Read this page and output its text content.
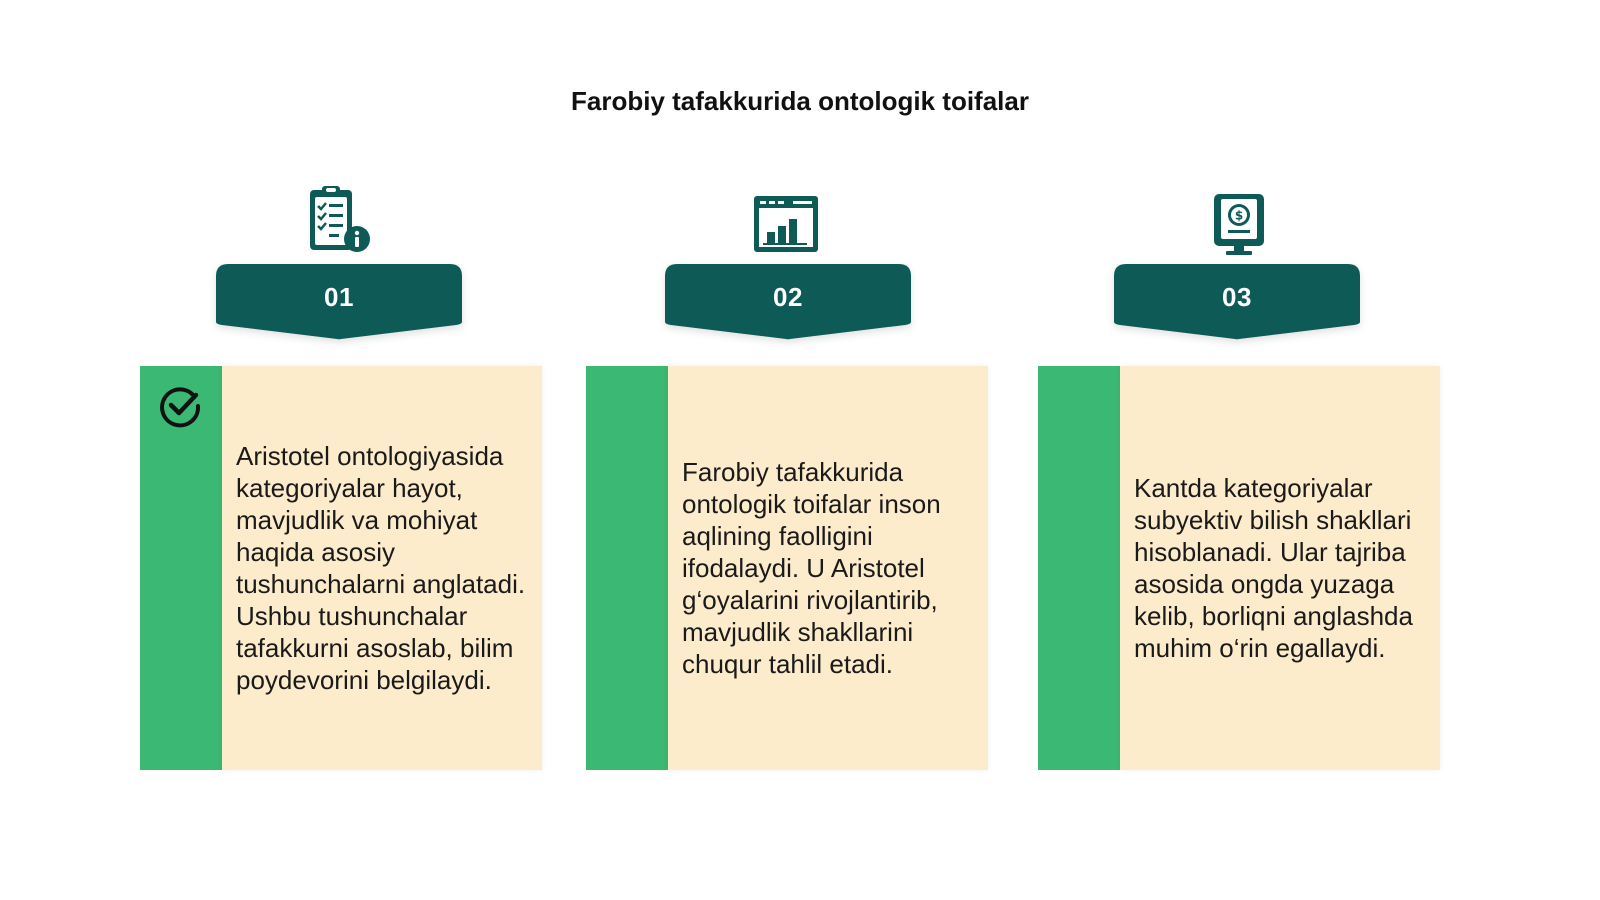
Farobiy tafakkurida ontologik toifalar
01

Aristotel ontologiyasida kategoriyalar hayot, mavjudlik va mohiyat haqida asosiy tushunchalarni anglatadi. Ushbu tushunchalar tafakkurni asoslab, bilim poydevorini belgilaydi.

02

Farobiy tafakkurida ontologik toifalar inson aqlining faolligini ifodalaydi. U Aristotel g‘oyalarini rivojlantirib, mavjudlik shakllarini chuqur tahlil etadi.

$
03

Kantda kategoriyalar subyektiv bilish shakllari hisoblanadi. Ular tajriba asosida ongda yuzaga kelib, borliqni anglashda muhim o‘rin egallaydi.
